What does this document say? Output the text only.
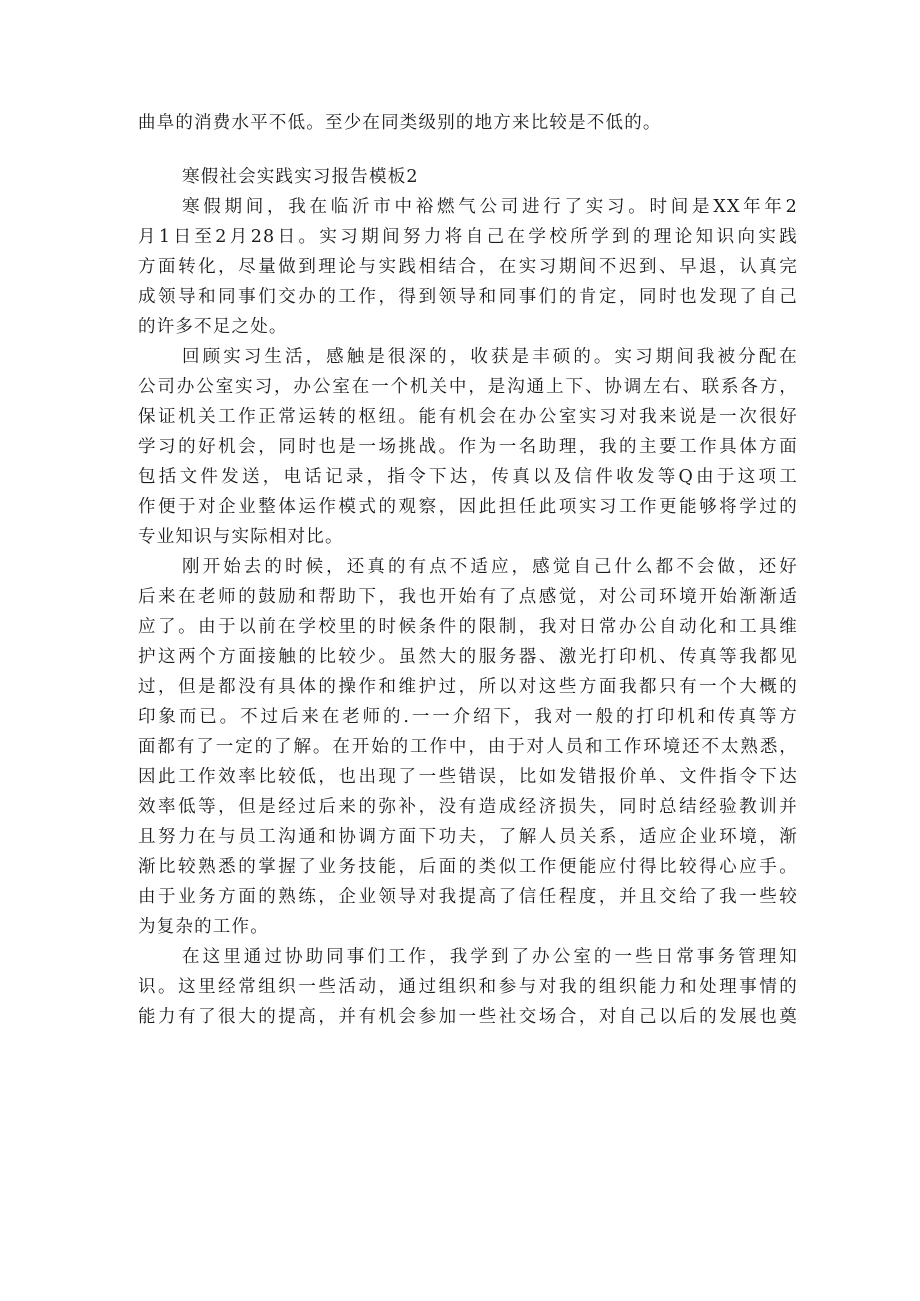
曲阜的消费水平不低。至少在同类级别的地方来比较是不低的。
寒假社会实践实习报告模板2
寒假期间，我在临沂市中裕燃气公司进行了实习。时间是XX年年2
月1日至2月28日。实习期间努力将自己在学校所学到的理论知识向实践
方面转化，尽量做到理论与实践相结合，在实习期间不迟到、早退，认真完
成领导和同事们交办的工作，得到领导和同事们的肯定，同时也发现了自己
的许多不足之处。
回顾实习生活，感触是很深的，收获是丰硕的。实习期间我被分配在
公司办公室实习，办公室在一个机关中，是沟通上下、协调左右、联系各方，
保证机关工作正常运转的枢纽。能有机会在办公室实习对我来说是一次很好
学习的好机会，同时也是一场挑战。作为一名助理，我的主要工作具体方面
包括文件发送，电话记录，指令下达，传真以及信件收发等Q由于这项工
作便于对企业整体运作模式的观察，因此担任此项实习工作更能够将学过的
专业知识与实际相对比。
刚开始去的时候，还真的有点不适应，感觉自己什么都不会做，还好
后来在老师的鼓励和帮助下，我也开始有了点感觉，对公司环境开始渐渐适
应了。由于以前在学校里的时候条件的限制，我对日常办公自动化和工具维
护这两个方面接触的比较少。虽然大的服务器、激光打印机、传真等我都见
过，但是都没有具体的操作和维护过，所以对这些方面我都只有一个大概的
印象而已。不过后来在老师的.一一介绍下，我对一般的打印机和传真等方
面都有了一定的了解。在开始的工作中，由于对人员和工作环境还不太熟悉，
因此工作效率比较低，也出现了一些错误，比如发错报价单、文件指令下达
效率低等，但是经过后来的弥补，没有造成经济损失，同时总结经验教训并
且努力在与员工沟通和协调方面下功夫，了解人员关系，适应企业环境，渐
渐比较熟悉的掌握了业务技能，后面的类似工作便能应付得比较得心应手。
由于业务方面的熟练，企业领导对我提高了信任程度，并且交给了我一些较
为复杂的工作。
在这里通过协助同事们工作，我学到了办公室的一些日常事务管理知
识。这里经常组织一些活动，通过组织和参与对我的组织能力和处理事情的
能力有了很大的提高，并有机会参加一些社交场合，对自己以后的发展也奠
